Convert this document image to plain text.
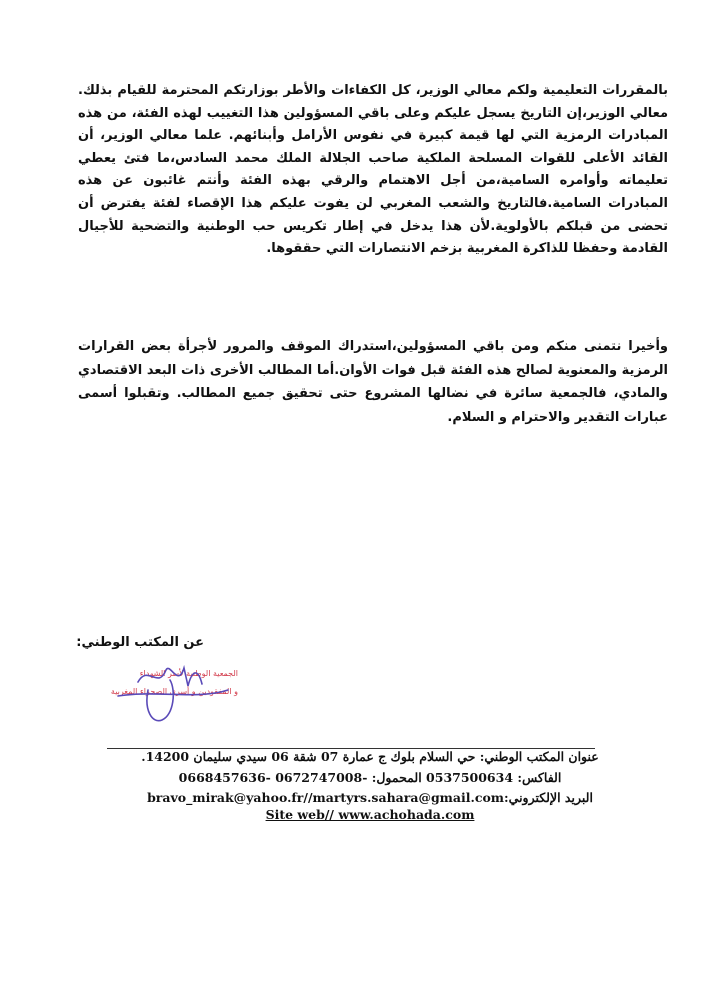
بالمقررات التعليمية ولكم معالي الوزير، كل الكفاءات والأطر بوزارتكم المحترمة للقيام بذلك. معالي الوزير،إن التاريخ يسجل عليكم وعلى باقي المسؤولين هذا التغييب لهذه الفئة، من هذه المبادرات الرمزية التي لها قيمة كبيرة في نفوس الأرامل وأبنائهم. علما معالي الوزير، أن القائد الأعلى للقوات المسلحة الملكية صاحب الجلالة الملك محمد السادس،ما فتئ يعطي تعليماته وأوامره السامية،من أجل الاهتمام والرقي بهذه الفئة وأنتم غائبون عن هذه المبادرات السامية.فالتاريخ والشعب المغربي لن يفوت عليكم هذا الإقصاء لفئة يفترض أن تحضى من قبلكم بالأولوية.لأن هذا يدخل في إطار تكريس حب الوطنية والتضحية للأجيال القادمة وحفظا للذاكرة المغربية بزخم الانتصارات التي حققوها.

وأخيرا نتمنى منكم ومن باقي المسؤولين،استدراك الموقف والمرور لأجرأة بعض القرارات الرمزية والمعنوية لصالح هذه الفئة قبل فوات الأوان.أما المطالب الأخرى ذات البعد الاقتصادي والمادي، فالجمعية سائرة في نضالها المشروع حتى تحقيق جميع المطالب. وتقبلوا أسمى عبارات التقدير والاحترام و السلام.

عن المكتب الوطني:
الجمعية الوطنية لأسر الشهداء
و المفقودين و أسرى الصحراء المغربية
عنوان المكتب الوطني: حي السلام بلوك ج عمارة 07 شقة 06 سيدي سليمان 14200.
الفاكس: 0537500634 المحمول: -0672747008 -0668457636
البريد الإلكتروني:bravo_mirak@yahoo.fr//martyrs.sahara@gmail.com
Site web// www.achohada.com
